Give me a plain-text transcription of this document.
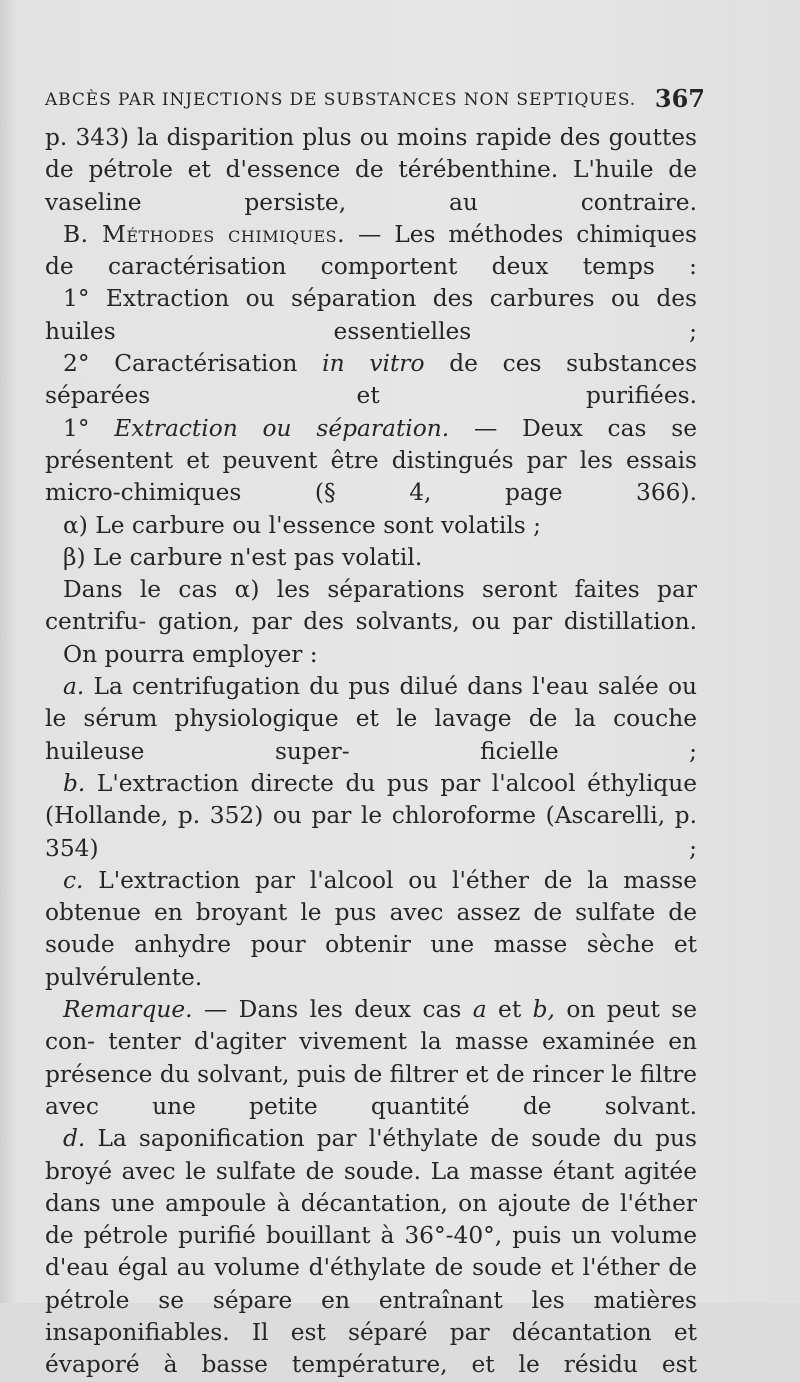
ABCÈS PAR INJECTIONS DE SUBSTANCES NON SEPTIQUES. 367

p. 343) la disparition plus ou moins rapide des gouttes de pétrole et d'essence de térébenthine. L'huile de vaseline	persiste, au contraire.

B. Méthodes chimiques. — Les méthodes chimiques de caractérisation comportent deux temps :

1° Extraction ou séparation des carbures ou des huiles	essentielles ;

2° Caractérisation in vitro de ces substances séparées et	purifiées.

1° Extraction ou séparation. — Deux cas se présentent et peuvent être distingués par les essais micro-chimiques	(§ 4, page 366).

α) Le carbure ou l'essence sont volatils ;

β) Le carbure n'est pas volatil.

Dans le cas α) les séparations seront faites par centrifu- gation, par des solvants, ou par distillation.

On pourra employer :

a. La centrifugation du pus dilué dans l'eau salée ou le sérum physiologique et le lavage de la couche huileuse super-	ficielle ;

b. L'extraction directe du pus par l'alcool éthylique (Hollande, p. 352) ou par le chloroforme (Ascarelli, p. 354) ;

c. L'extraction par l'alcool ou l'éther de la masse obtenue en broyant le pus avec assez de sulfate de soude anhydre pour obtenir une masse sèche et pulvérulente.

Remarque. — Dans les deux cas a et b, on peut se con- tenter d'agiter vivement la masse examinée en présence du solvant, puis de filtrer et de rincer le filtre avec une petite quantité de solvant.

d. La saponification par l'éthylate de soude du pus broyé avec le sulfate de soude. La masse étant agitée dans une ampoule à décantation, on ajoute de l'éther de pétrole purifié bouillant à 36°-40°, puis un volume d'eau égal au volume d'éthylate de soude et l'éther de pétrole se sépare en entraînant les matières insaponifiables. Il est séparé par décantation et évaporé à basse température, et le résidu est
